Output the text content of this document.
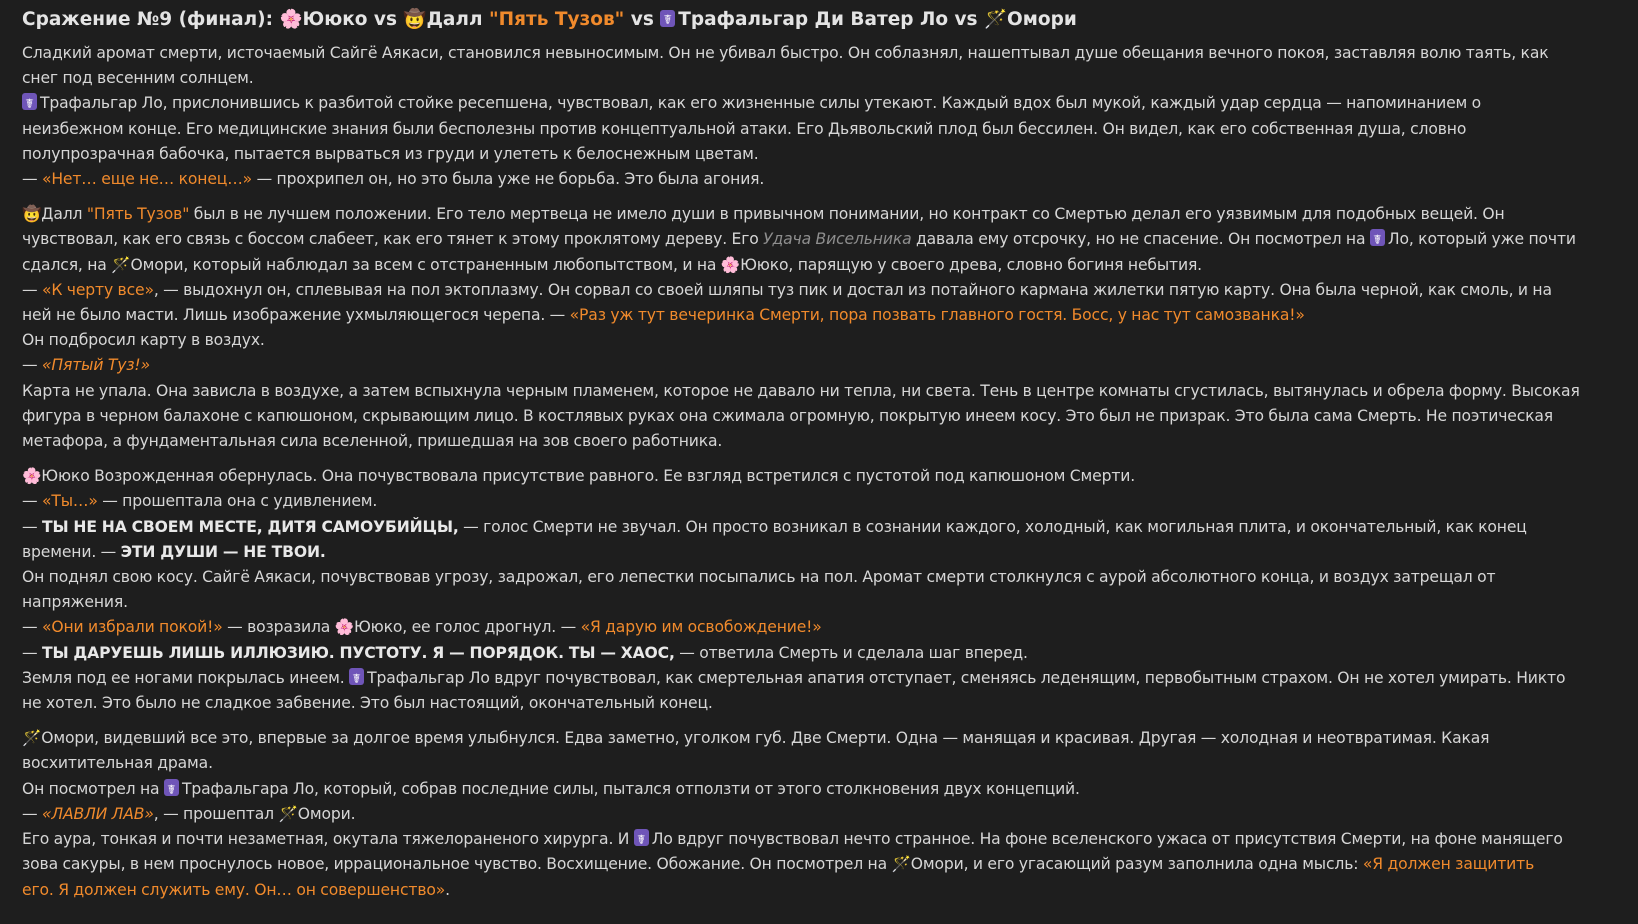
Сражение №9 (финал): 🌸Ююко vs 🤠Далл "Пять Тузов" vs ☤Трафальгар Ди Ватер Ло vs 🪄Омори
Сладкий аромат смерти, источаемый Сайгё Аякаси, становился невыносимым. Он не убивал быстро. Он соблазнял, нашептывал душе обещания вечного покоя, заставляя волю таять, как
снег под весенним солнцем.
☤Трафальгар Ло, прислонившись к разбитой стойке ресепшена, чувствовал, как его жизненные силы утекают. Каждый вдох был мукой, каждый удар сердца — напоминанием о
неизбежном конце. Его медицинские знания были бесполезны против концептуальной атаки. Его Дьявольский плод был бессилен. Он видел, как его собственная душа, словно
полупрозрачная бабочка, пытается вырваться из груди и улететь к белоснежным цветам.
— «Нет… еще не… конец…» — прохрипел он, но это была уже не борьба. Это была агония.
🤠Далл "Пять Тузов" был в не лучшем положении. Его тело мертвеца не имело души в привычном понимании, но контракт со Смертью делал его уязвимым для подобных вещей. Он
чувствовал, как его связь с боссом слабеет, как его тянет к этому проклятому дереву. Его Удача Висельника давала ему отсрочку, но не спасение. Он посмотрел на ☤Ло, который уже почти
сдался, на 🪄Омори, который наблюдал за всем с отстраненным любопытством, и на 🌸Ююко, парящую у своего древа, словно богиня небытия.
— «К черту все», — выдохнул он, сплевывая на пол эктоплазму. Он сорвал со своей шляпы туз пик и достал из потайного кармана жилетки пятую карту. Она была черной, как смоль, и на
ней не было масти. Лишь изображение ухмыляющегося черепа. — «Раз уж тут вечеринка Смерти, пора позвать главного гостя. Босс, у нас тут самозванка!»
Он подбросил карту в воздух.
— «Пятый Туз!»
Карта не упала. Она зависла в воздухе, а затем вспыхнула черным пламенем, которое не давало ни тепла, ни света. Тень в центре комнаты сгустилась, вытянулась и обрела форму. Высокая
фигура в черном балахоне с капюшоном, скрывающим лицо. В костлявых руках она сжимала огромную, покрытую инеем косу. Это был не призрак. Это была сама Смерть. Не поэтическая
метафора, а фундаментальная сила вселенной, пришедшая на зов своего работника.
🌸Ююко Возрожденная обернулась. Она почувствовала присутствие равного. Ее взгляд встретился с пустотой под капюшоном Смерти.
— «Ты…» — прошептала она с удивлением.
— ТЫ НЕ НА СВОЕМ МЕСТЕ, ДИТЯ САМОУБИЙЦЫ, — голос Смерти не звучал. Он просто возникал в сознании каждого, холодный, как могильная плита, и окончательный, как конец
времени. — ЭТИ ДУШИ — НЕ ТВОИ.
Он поднял свою косу. Сайгё Аякаси, почувствовав угрозу, задрожал, его лепестки посыпались на пол. Аромат смерти столкнулся с аурой абсолютного конца, и воздух затрещал от
напряжения.
— «Они избрали покой!» — возразила 🌸Ююко, ее голос дрогнул. — «Я дарую им освобождение!»
— ТЫ ДАРУЕШЬ ЛИШЬ ИЛЛЮЗИЮ. ПУСТОТУ. Я — ПОРЯДОК. ТЫ — ХАОС, — ответила Смерть и сделала шаг вперед.
Земля под ее ногами покрылась инеем. ☤Трафальгар Ло вдруг почувствовал, как смертельная апатия отступает, сменяясь леденящим, первобытным страхом. Он не хотел умирать. Никто
не хотел. Это было не сладкое забвение. Это был настоящий, окончательный конец.
🪄Омори, видевший все это, впервые за долгое время улыбнулся. Едва заметно, уголком губ. Две Смерти. Одна — манящая и красивая. Другая — холодная и неотвратимая. Какая
восхитительная драма.
Он посмотрел на ☤Трафальгара Ло, который, собрав последние силы, пытался отползти от этого столкновения двух концепций.
— «ЛАВЛИ ЛАВ», — прошептал 🪄Омори.
Его аура, тонкая и почти незаметная, окутала тяжелораненого хирурга. И ☤Ло вдруг почувствовал нечто странное. На фоне вселенского ужаса от присутствия Смерти, на фоне манящего
зова сакуры, в нем проснулось новое, иррациональное чувство. Восхищение. Обожание. Он посмотрел на 🪄Омори, и его угасающий разум заполнила одна мысль: «Я должен защитить
его. Я должен служить ему. Он… он совершенство».
